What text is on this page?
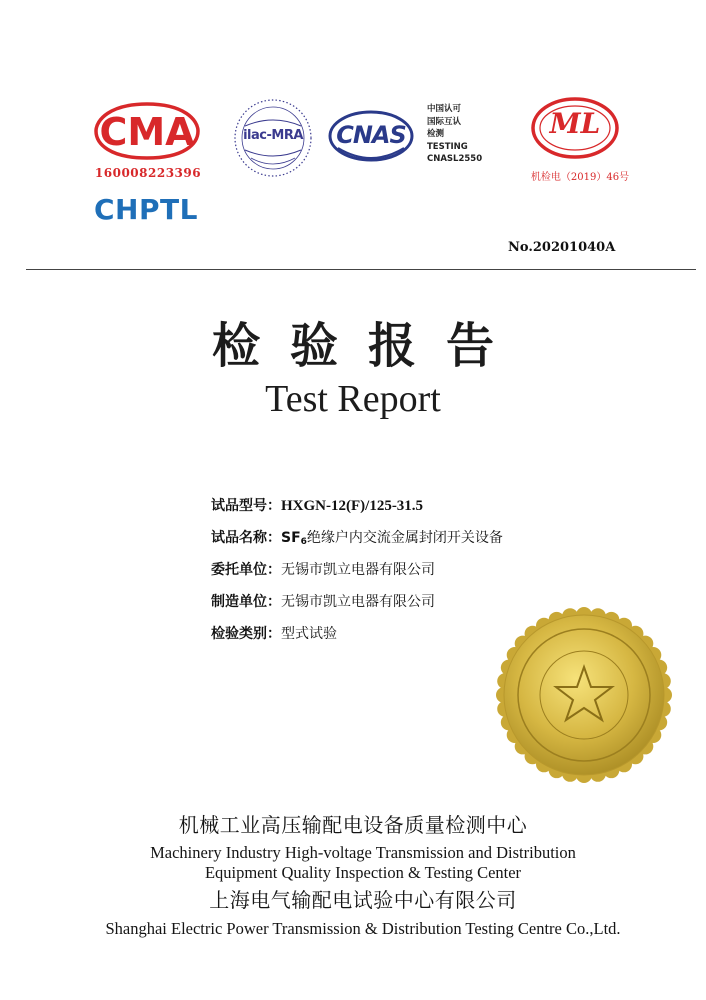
CMA
160008223396
CHPTL
ilac-MRA	CNAS
中国认可
国际互认
检测
TESTING
CNASL2550
ML
机检电（2019）46号
No.20201040A
检验报告
Test Report
试品型号：HXGN-12(F)/125-31.5
试品名称：SF6绝缘户内交流金属封闭开关设备
委托单位：无锡市凯立电器有限公司
制造单位：无锡市凯立电器有限公司
检验类别：型式试验
机械工业高压输配电设备质量检测中心
Machinery Industry High-voltage Transmission and Distribution
Equipment Quality Inspection & Testing Center
上海电气输配电试验中心有限公司
Shanghai Electric Power Transmission & Distribution Testing Centre Co.,Ltd.
